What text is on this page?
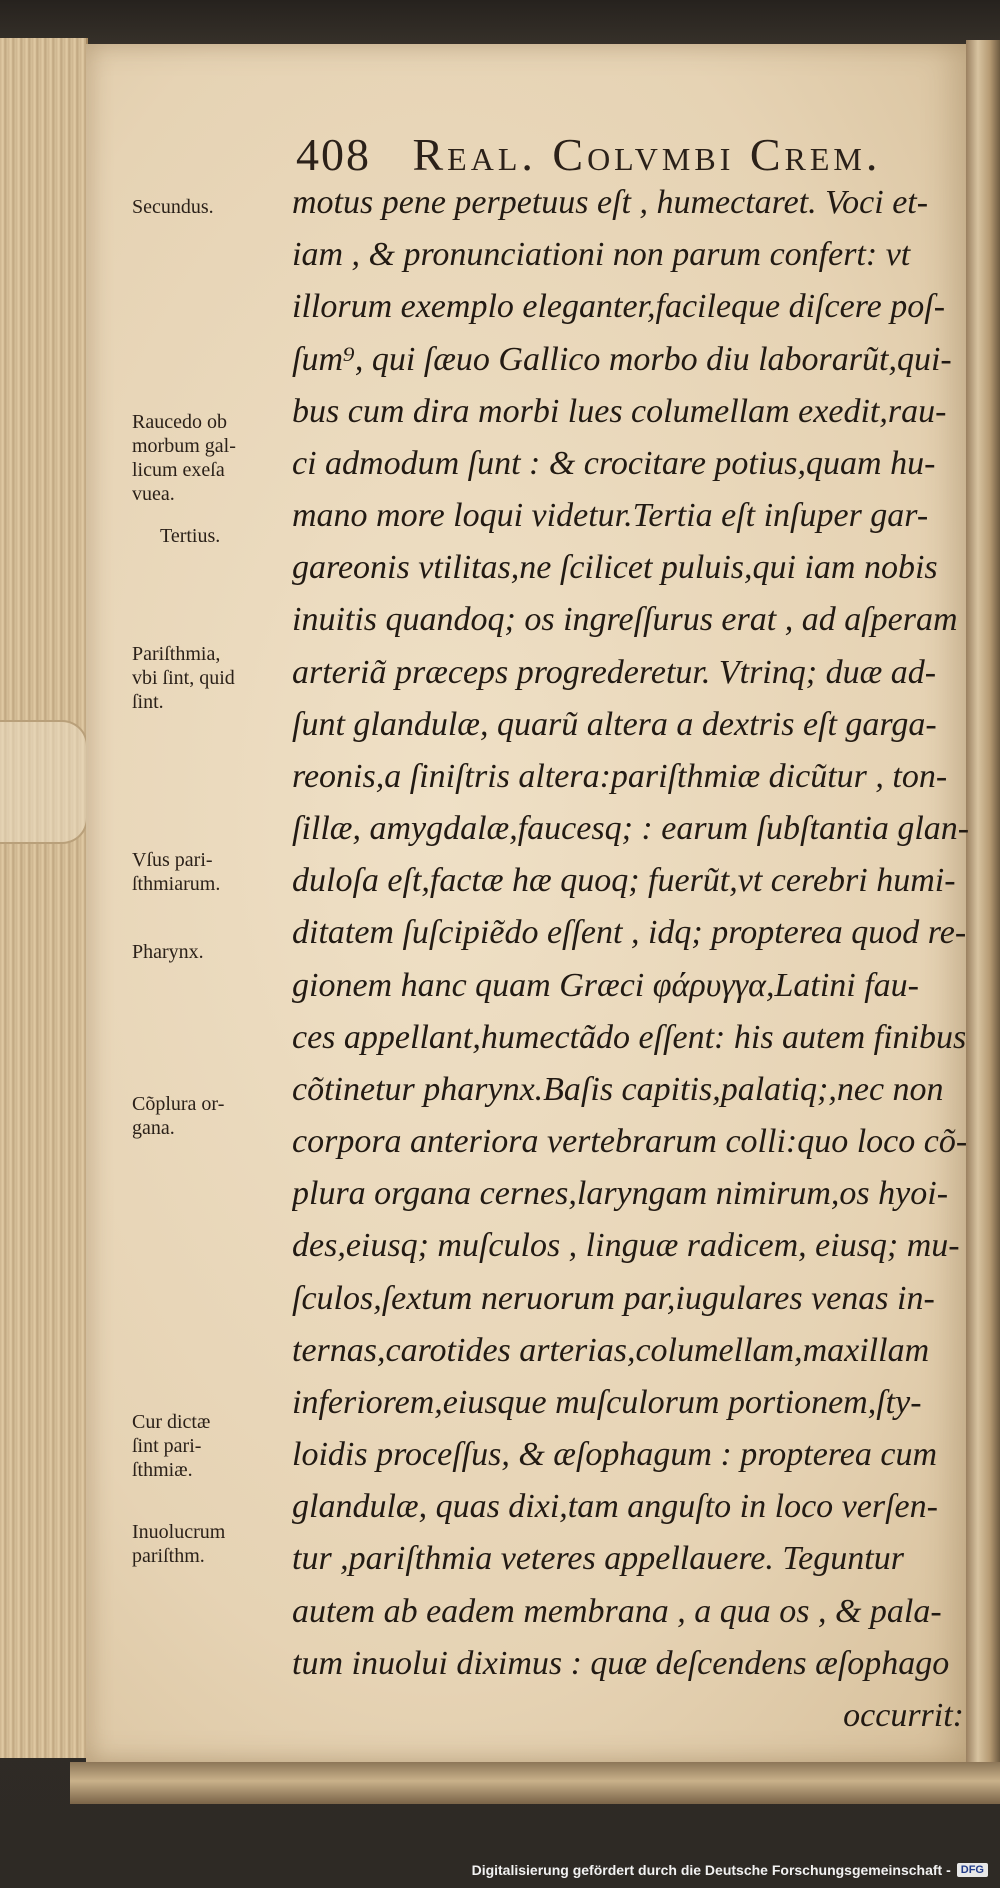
408 Real. Colvmbi Crem.
motus pene perpetuus eſt , humectaret. Voci et-
iam , & pronunciationi non parum confert: vt
illorum exemplo eleganter,facileque diſcere poſ-
ſum⁹, qui ſæuo Gallico morbo diu laborarũt,qui-
bus cum dira morbi lues columellam exedit,rau-
ci admodum ſunt : & crocitare potius,quam hu-
mano more loqui videtur.Tertia eſt inſuper gar-
gareonis vtilitas,ne ſcilicet puluis,qui iam nobis
inuitis quandoq; os ingreſſurus erat , ad aſperam
arteriã præceps progrederetur. Vtrinq; duæ ad-
ſunt glandulæ, quarũ altera a dextris eſt garga-
reonis,a ſiniſtris altera:pariſthmiæ dicũtur , ton-
ſillæ, amygdalæ,faucesq; : earum ſubſtantia glan-
duloſa eſt,factæ hæ quoq; fuerũt,vt cerebri humi-
ditatem ſuſcipiẽdo eſſent , idq; propterea quod re-
gionem hanc quam Græci φάρυγγα,Latini fau-
ces appellant,humectãdo eſſent: his autem finibus
cõtinetur pharynx.Baſis capitis,palatiq;,nec non
corpora anteriora vertebrarum colli:quo loco cõ-
plura organa cernes,laryngam nimirum,os hyoi-
des,eiusq; muſculos , linguæ radicem, eiusq; mu-
ſculos,ſextum neruorum par,iugulares venas in-
ternas,carotides arterias,columellam,maxillam
inferiorem,eiusque muſculorum portionem,ſty-
loidis proceſſus, & æſophagum : propterea cum
glandulæ, quas dixi,tam anguſto in loco verſen-
tur ,pariſthmia veteres appellauere. Teguntur
Secundus.
Raucedo ob
morbum gal-
licum exeſa
vuea.
Tertius.
Pariſthmia,
vbi ſint, quid
ſint.
Vſus pari-
ſthmiarum.
Pharynx.
Cõplura or-
gana.
Cur dictæ
ſint pari-
ſthmiæ.
Inuolucrum
pariſthm.
Digitalisierung gefördert durch die Deutsche Forschungsgemeinschaft - DFG
autem ab eadem membrana , a qua os , & pala-
tum inuolui diximus : quæ deſcendens æſophago
occurrit:
